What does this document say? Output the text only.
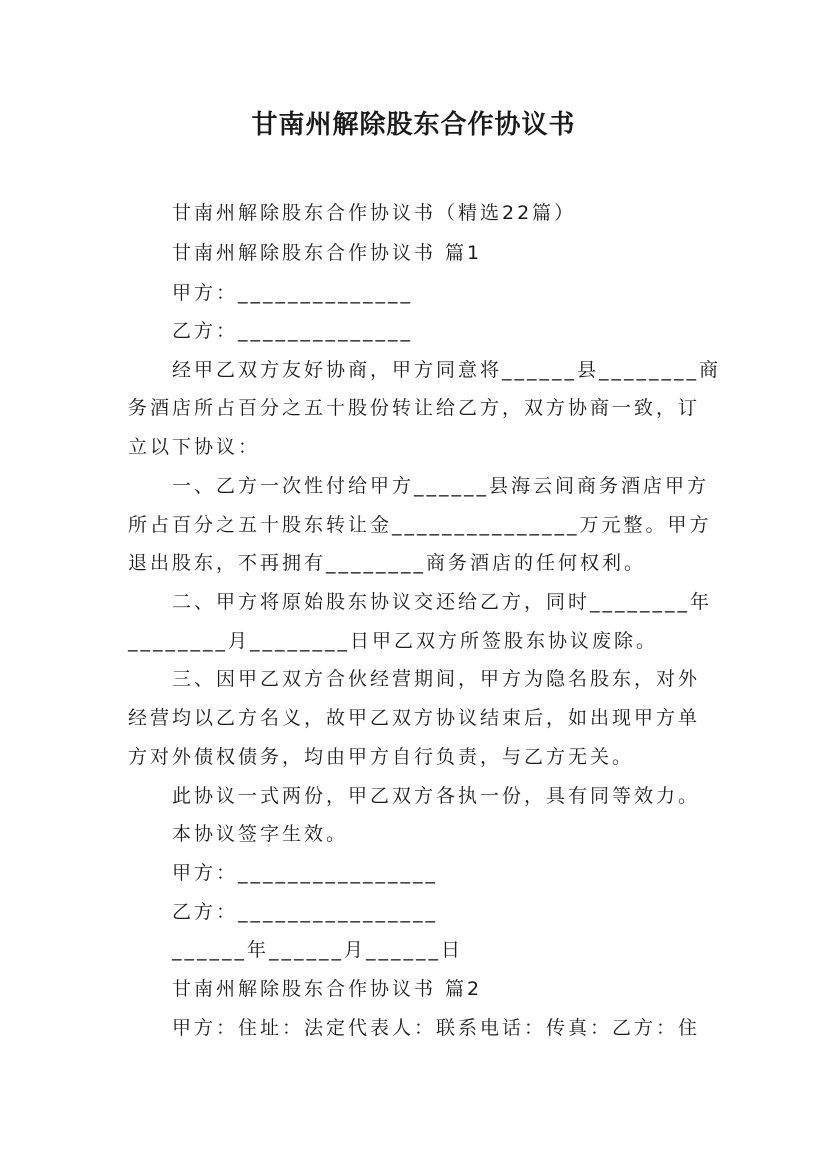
甘南州解除股东合作协议书
甘南州解除股东合作协议书（精选22篇）
甘南州解除股东合作协议书 篇1
甲方：______________
乙方：______________
经甲乙双方友好协商，甲方同意将______县________商
务酒店所占百分之五十股份转让给乙方，双方协商一致，订
立以下协议：
一、乙方一次性付给甲方______县海云间商务酒店甲方
所占百分之五十股东转让金_______________万元整。甲方
退出股东，不再拥有________商务酒店的任何权利。
二、甲方将原始股东协议交还给乙方，同时________年
________月________日甲乙双方所签股东协议废除。
三、因甲乙双方合伙经营期间，甲方为隐名股东，对外
经营均以乙方名义，故甲乙双方协议结束后，如出现甲方单
方对外债权债务，均由甲方自行负责，与乙方无关。
此协议一式两份，甲乙双方各执一份，具有同等效力。
本协议签字生效。
甲方：________________
乙方：________________
______年______月______日
甘南州解除股东合作协议书 篇2
甲方：住址：法定代表人：联系电话：传真：乙方：住
